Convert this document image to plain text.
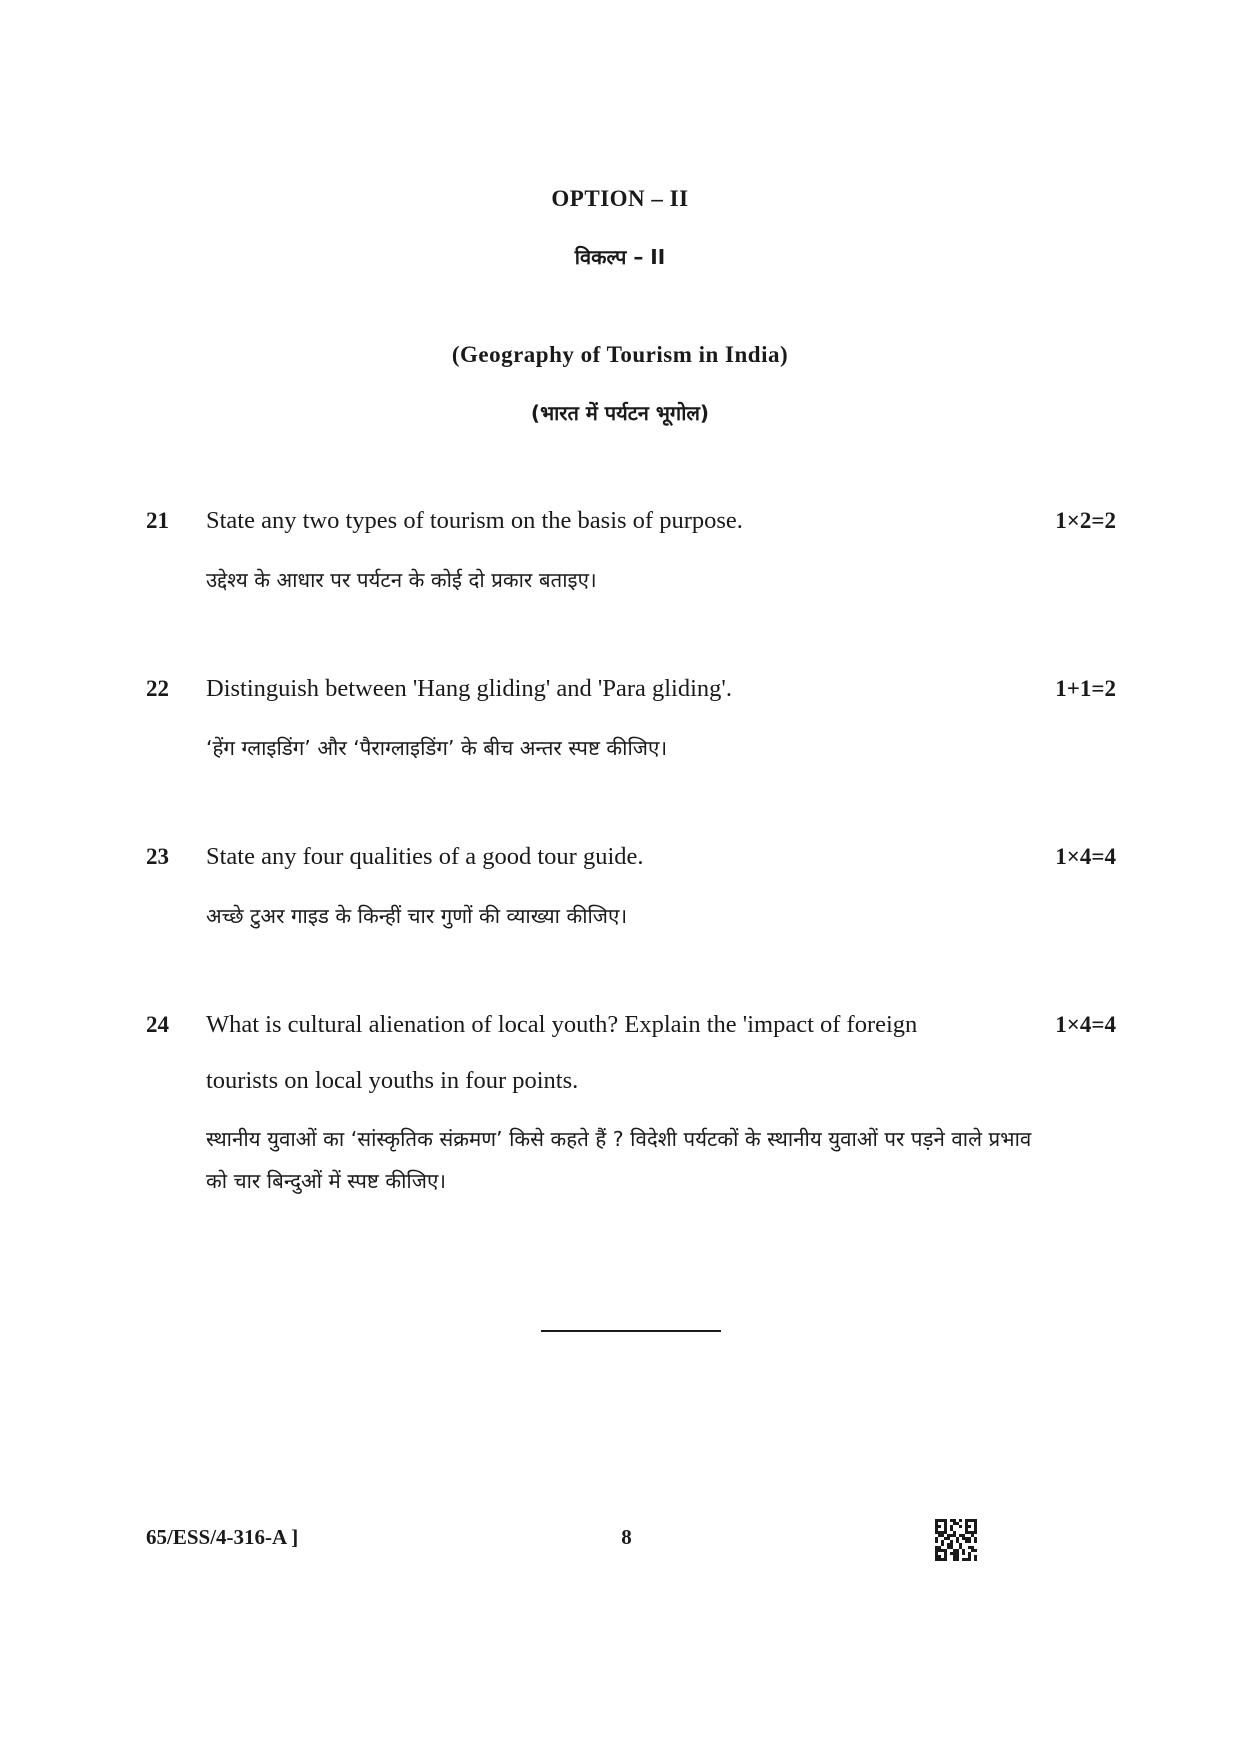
OPTION – II
विकल्प – II
(Geography of Tourism in India)
(भारत में पर्यटन भूगोल)
21 State any two types of tourism on the basis of purpose.	1×2=2
उद्देश्य के आधार पर पर्यटन के कोई दो प्रकार बताइए।
22 Distinguish between 'Hang gliding' and 'Para gliding'.	1+1=2
‘हेंग ग्लाइडिंग’ और ‘पैराग्लाइडिंग’ के बीच अन्तर स्पष्ट कीजिए।
23 State any four qualities of a good tour guide.	1×4=4
अच्छे टुअर गाइड के किन्हीं चार गुणों की व्याख्या कीजिए।
24 What is cultural alienation of local youth? Explain the 'impact of foreign tourists on local youths in four points.
1×4=4
स्थानीय युवाओं का ‘सांस्कृतिक संक्रमण’ किसे कहते हैं ? विदेशी पर्यटकों के स्थानीय युवाओं पर पड़ने वाले प्रभाव को चार बिन्दुओं में स्पष्ट कीजिए।
65/ESS/4-316-A ]	8
